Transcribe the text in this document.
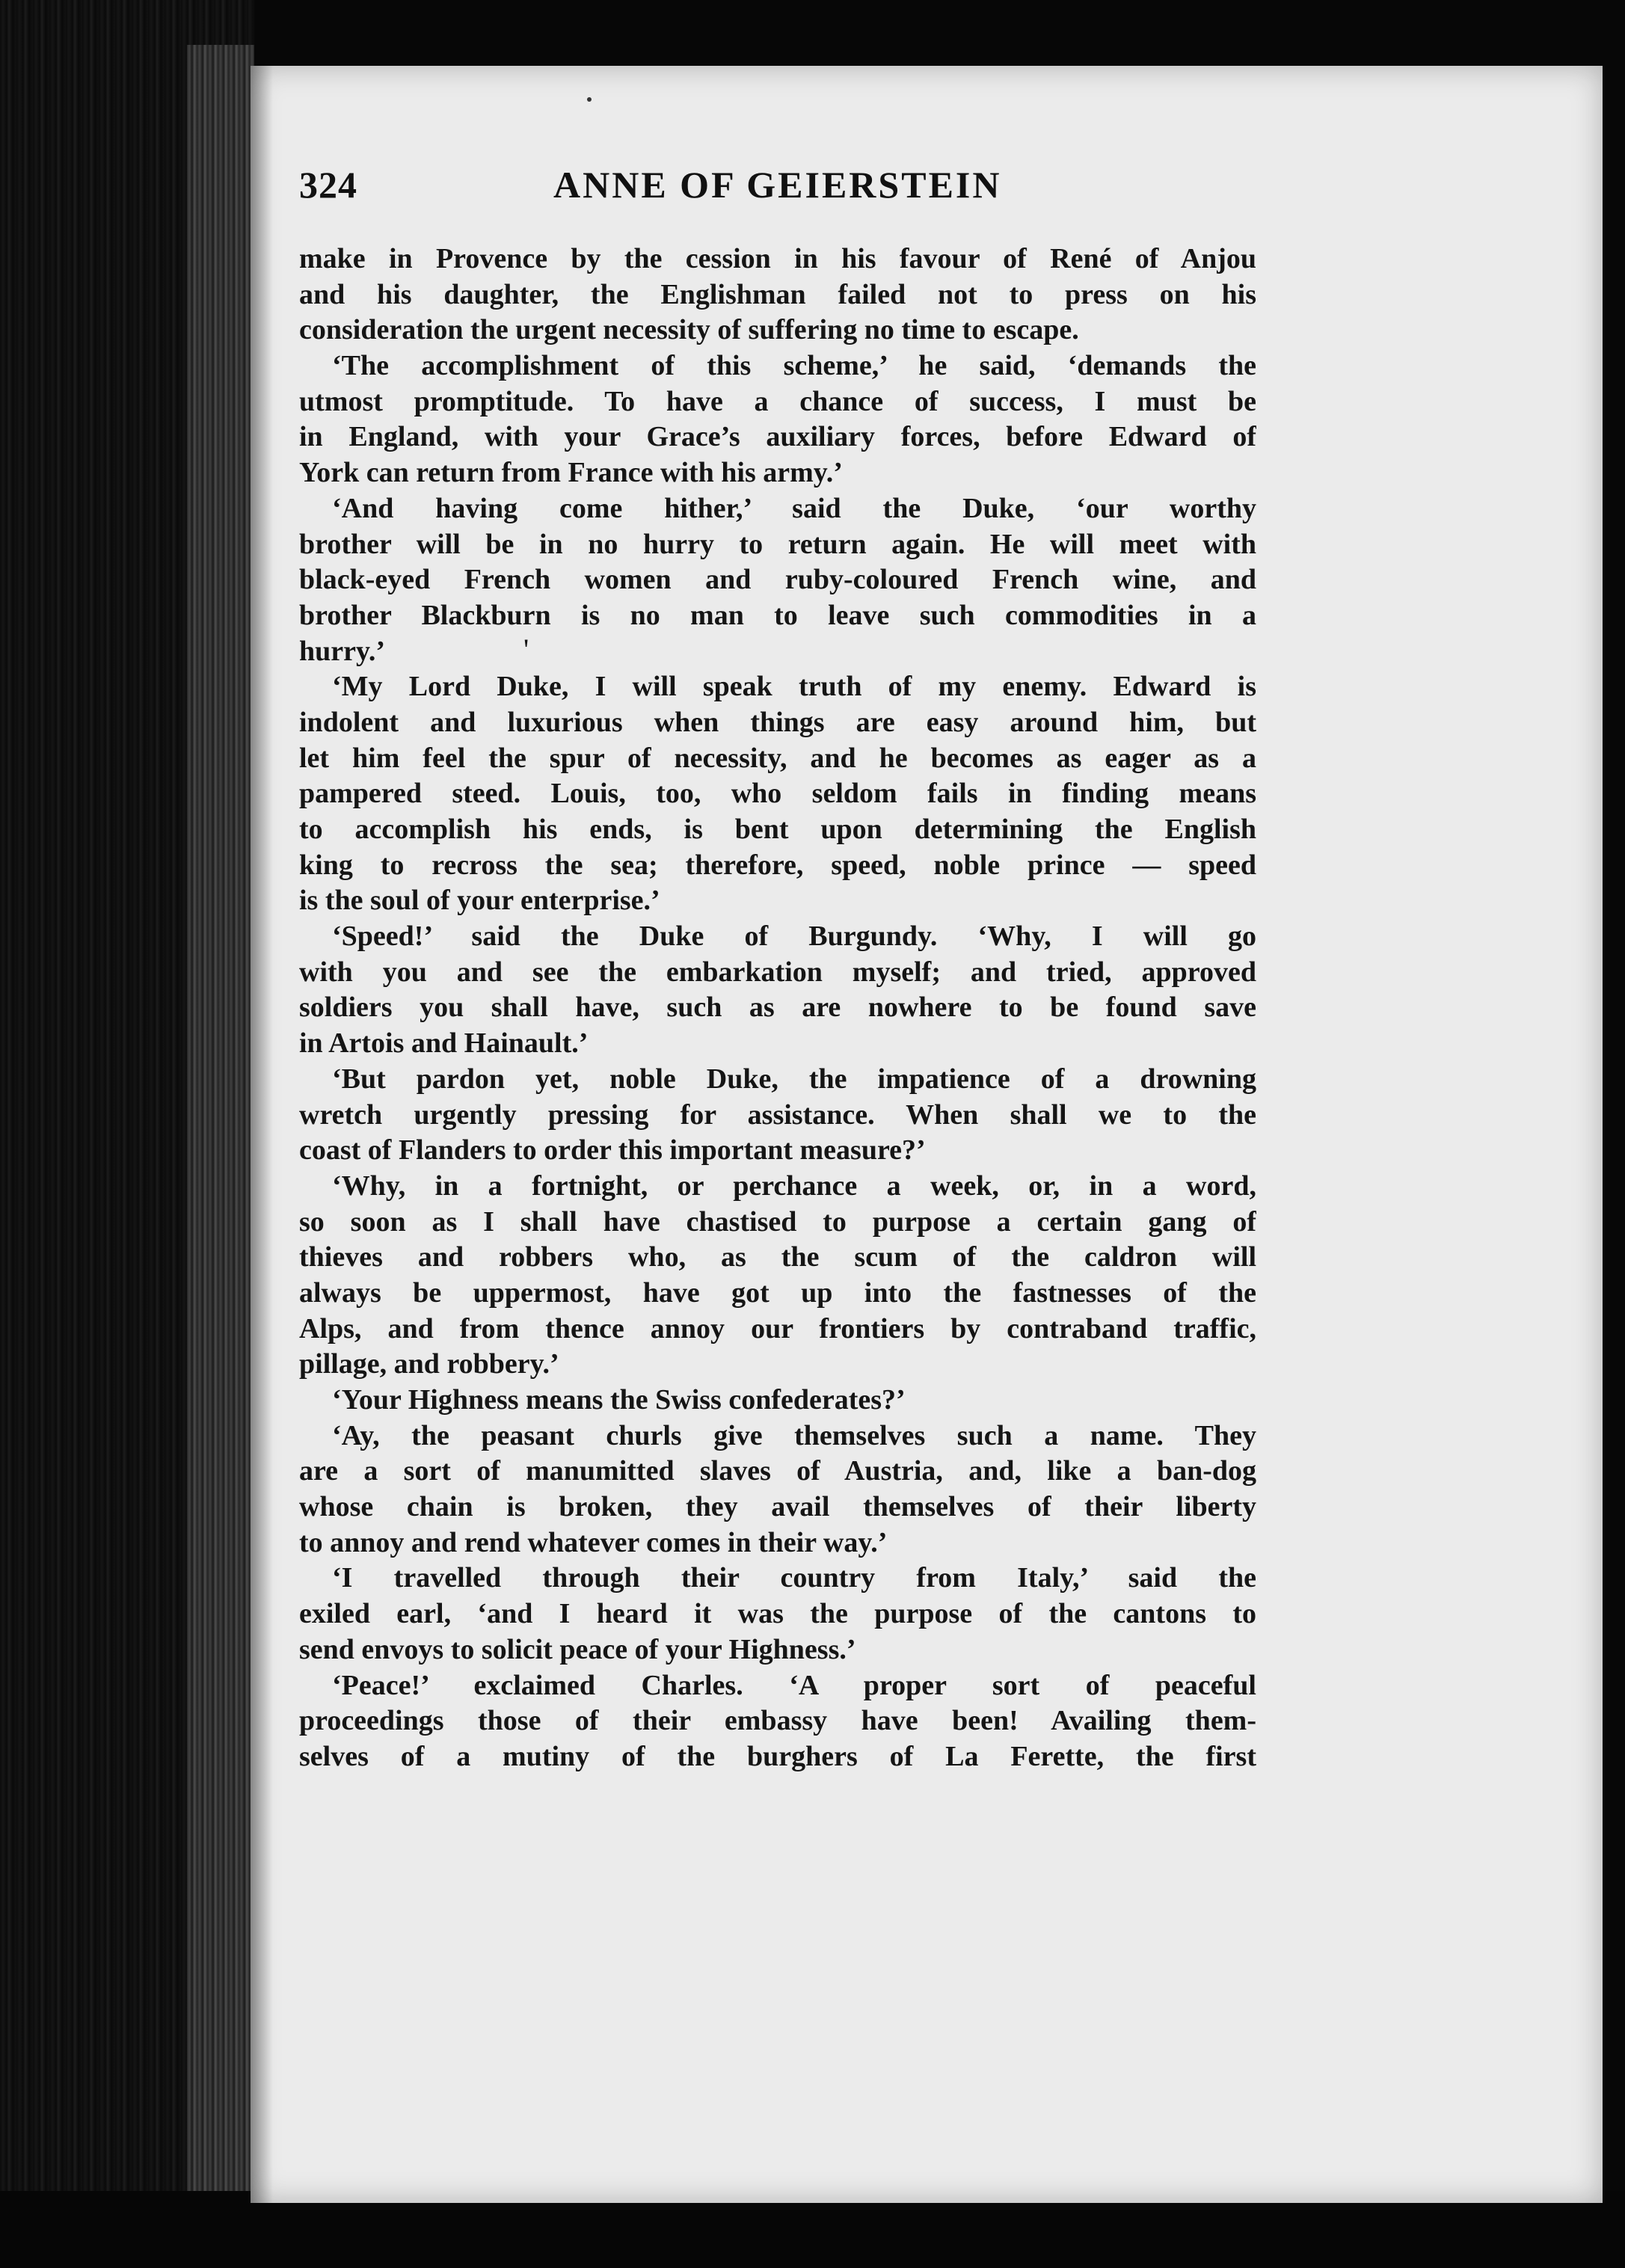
324	ANNE OF GEIERSTEIN
'
make in Provence by the cession in his favour of René of Anjou
and his daughter, the Englishman failed not to press on his
consideration the urgent necessity of suffering no time to escape.
‘The accomplishment of this scheme,’ he said, ‘demands the
utmost promptitude. To have a chance of success, I must be
in England, with your Grace’s auxiliary forces, before Edward of
York can return from France with his army.’
‘And having come hither,’ said the Duke, ‘our worthy
brother will be in no hurry to return again. He will meet with
black-eyed French women and ruby-coloured French wine, and
brother Blackburn is no man to leave such commodities in a
hurry.’
‘My Lord Duke, I will speak truth of my enemy. Edward is
indolent and luxurious when things are easy around him, but
let him feel the spur of necessity, and he becomes as eager as a
pampered steed. Louis, too, who seldom fails in finding means
to accomplish his ends, is bent upon determining the English
king to recross the sea; therefore, speed, noble prince — speed
is the soul of your enterprise.’
‘Speed!’ said the Duke of Burgundy. ‘Why, I will go
with you and see the embarkation myself; and tried, approved
soldiers you shall have, such as are nowhere to be found save
in Artois and Hainault.’
‘But pardon yet, noble Duke, the impatience of a drowning
wretch urgently pressing for assistance. When shall we to the
coast of Flanders to order this important measure?’
‘Why, in a fortnight, or perchance a week, or, in a word,
so soon as I shall have chastised to purpose a certain gang of
thieves and robbers who, as the scum of the caldron will
always be uppermost, have got up into the fastnesses of the
Alps, and from thence annoy our frontiers by contraband traffic,
pillage, and robbery.’
‘Your Highness means the Swiss confederates?’
‘Ay, the peasant churls give themselves such a name. They
are a sort of manumitted slaves of Austria, and, like a ban-dog
whose chain is broken, they avail themselves of their liberty
to annoy and rend whatever comes in their way.’
‘I travelled through their country from Italy,’ said the
exiled earl, ‘and I heard it was the purpose of the cantons to
send envoys to solicit peace of your Highness.’
‘Peace!’ exclaimed Charles. ‘A proper sort of peaceful
proceedings those of their embassy have been! Availing them-
selves of a mutiny of the burghers of La Ferette, the first
